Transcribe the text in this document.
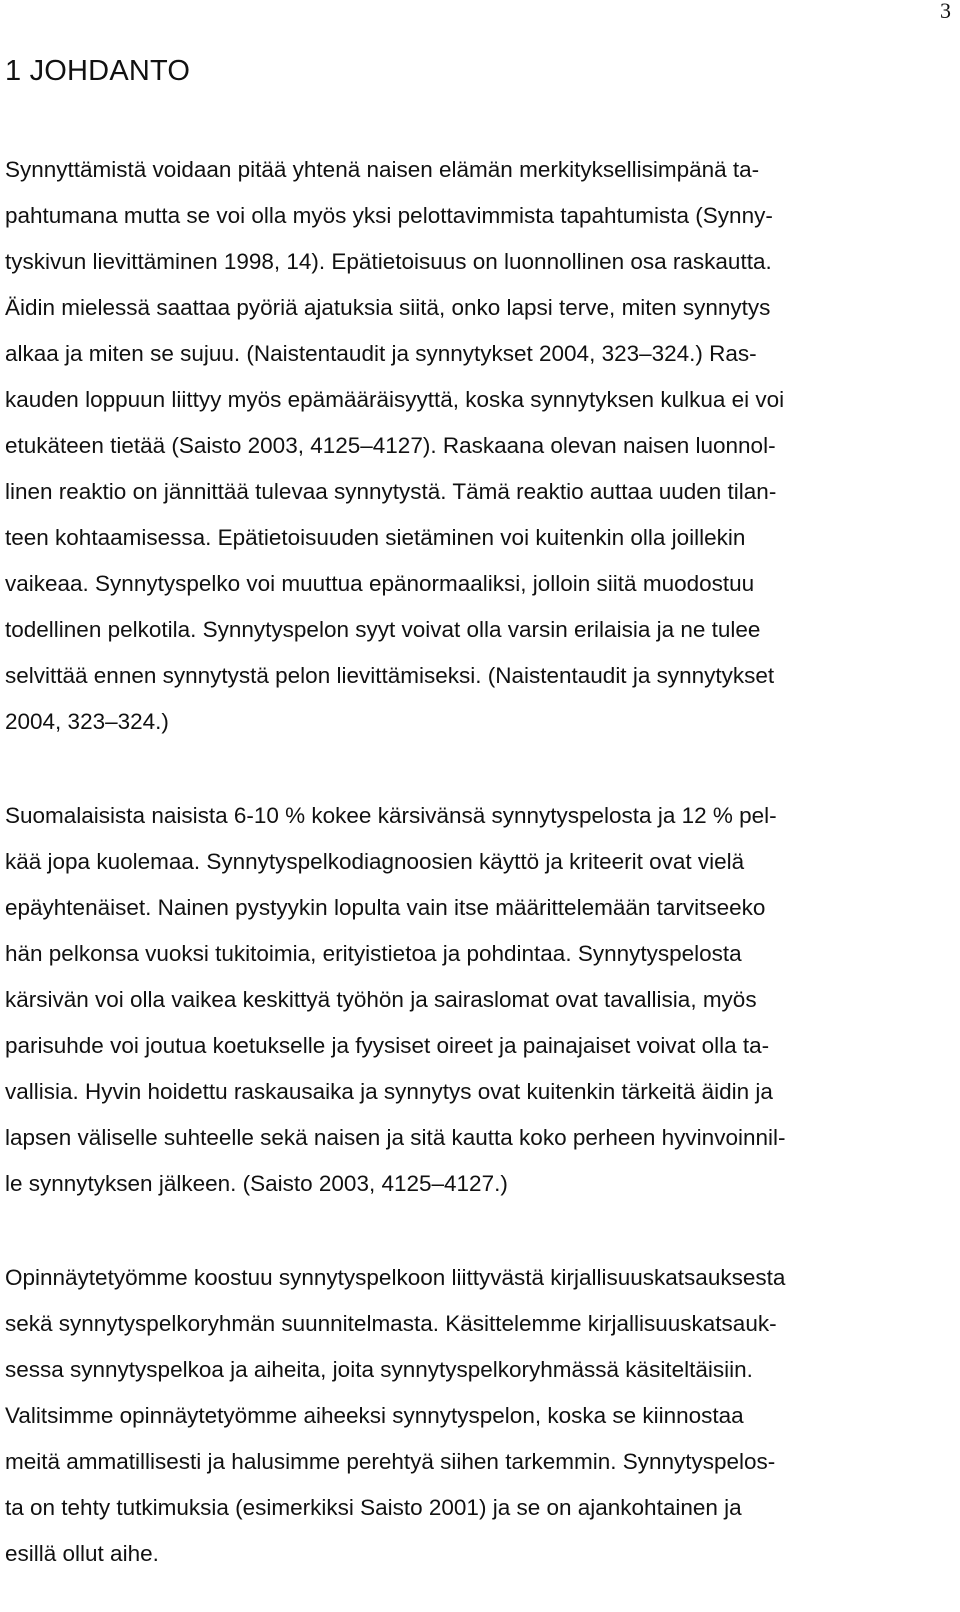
3
1 JOHDANTO
Synnyttämistä voidaan pitää yhtenä naisen elämän merkityksellisimpänä ta-
pahtumana mutta se voi olla myös yksi pelottavimmista tapahtumista (Synny-
tyskivun lievittäminen 1998, 14). Epätietoisuus on luonnollinen osa raskautta.
Äidin mielessä saattaa pyöriä ajatuksia siitä, onko lapsi terve, miten synnytys
alkaa ja miten se sujuu. (Naistentaudit ja synnytykset 2004, 323–324.) Ras-
kauden loppuun liittyy myös epämääräisyyttä, koska synnytyksen kulkua ei voi
etukäteen tietää (Saisto 2003, 4125–4127). Raskaana olevan naisen luonnol-
linen reaktio on jännittää tulevaa synnytystä. Tämä reaktio auttaa uuden tilan-
teen kohtaamisessa. Epätietoisuuden sietäminen voi kuitenkin olla joillekin
vaikeaa. Synnytyspelko voi muuttua epänormaaliksi, jolloin siitä muodostuu
todellinen pelkotila. Synnytyspelon syyt voivat olla varsin erilaisia ja ne tulee
selvittää ennen synnytystä pelon lievittämiseksi. (Naistentaudit ja synnytykset
2004, 323–324.)
Suomalaisista naisista 6-10 % kokee kärsivänsä synnytyspelosta ja 12 % pel-
kää jopa kuolemaa. Synnytyspelkodiagnoosien käyttö ja kriteerit ovat vielä
epäyhtenäiset. Nainen pystyykin lopulta vain itse määrittelemään tarvitseeko
hän pelkonsa vuoksi tukitoimia, erityistietoa ja pohdintaa. Synnytyspelosta
kärsivän voi olla vaikea keskittyä työhön ja sairaslomat ovat tavallisia, myös
parisuhde voi joutua koetukselle ja fyysiset oireet ja painajaiset voivat olla ta-
vallisia. Hyvin hoidettu raskausaika ja synnytys ovat kuitenkin tärkeitä äidin ja
lapsen väliselle suhteelle sekä naisen ja sitä kautta koko perheen hyvinvoinnil-
le synnytyksen jälkeen. (Saisto 2003, 4125–4127.)
Opinnäytetyömme koostuu synnytyspelkoon liittyvästä kirjallisuuskatsauksesta
sekä synnytyspelkoryhmän suunnitelmasta. Käsittelemme kirjallisuuskatsauk-
sessa synnytyspelkoa ja aiheita, joita synnytyspelkoryhmässä käsiteltäisiin.
Valitsimme opinnäytetyömme aiheeksi synnytyspelon, koska se kiinnostaa
meitä ammatillisesti ja halusimme perehtyä siihen tarkemmin. Synnytyspelos-
ta on tehty tutkimuksia (esimerkiksi Saisto 2001) ja se on ajankohtainen ja
esillä ollut aihe.
